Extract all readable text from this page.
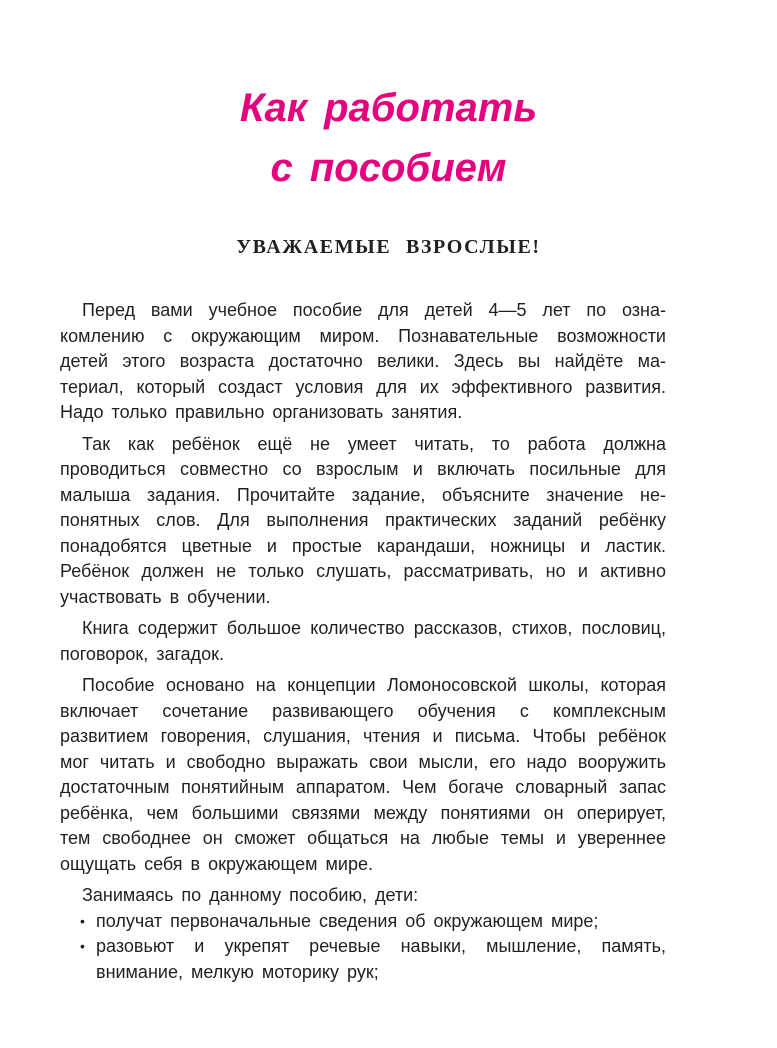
Как работать
с пособием
УВАЖАЕМЫЕ ВЗРОСЛЫЕ!

Перед вами учебное пособие для детей 4—5 лет по ознакомлению с окружающим миром. Познавательные возможности детей этого возраста достаточно велики. Здесь вы найдёте материал, который создаст условия для их эффективного развития. Надо только правильно организовать занятия.

Так как ребёнок ещё не умеет читать, то работа должна проводиться совместно со взрослым и включать посильные для малыша задания. Прочитайте задание, объясните значение непонятных слов. Для выполнения практических заданий ребёнку понадобятся цветные и простые карандаши, ножницы и ластик. Ребёнок должен не только слушать, рассматривать, но и активно участвовать в обучении.

Книга содержит большое количество рассказов, стихов, пословиц, поговорок, загадок.

Пособие основано на концепции Ломоносовской школы, которая включает сочетание развивающего обучения с комплексным развитием говорения, слушания, чтения и письма. Чтобы ребёнок мог читать и свободно выражать свои мысли, его надо вооружить достаточным понятийным аппаратом. Чем богаче словарный запас ребёнка, чем большими связями между понятиями он оперирует, тем свободнее он сможет общаться на любые темы и увереннее ощущать себя в окружающем мире.

Занимаясь по данному пособию, дети:

• получат первоначальные сведения об окружающем мире;
• разовьют и укрепят речевые навыки, мышление, память, внимание, мелкую моторику рук;
